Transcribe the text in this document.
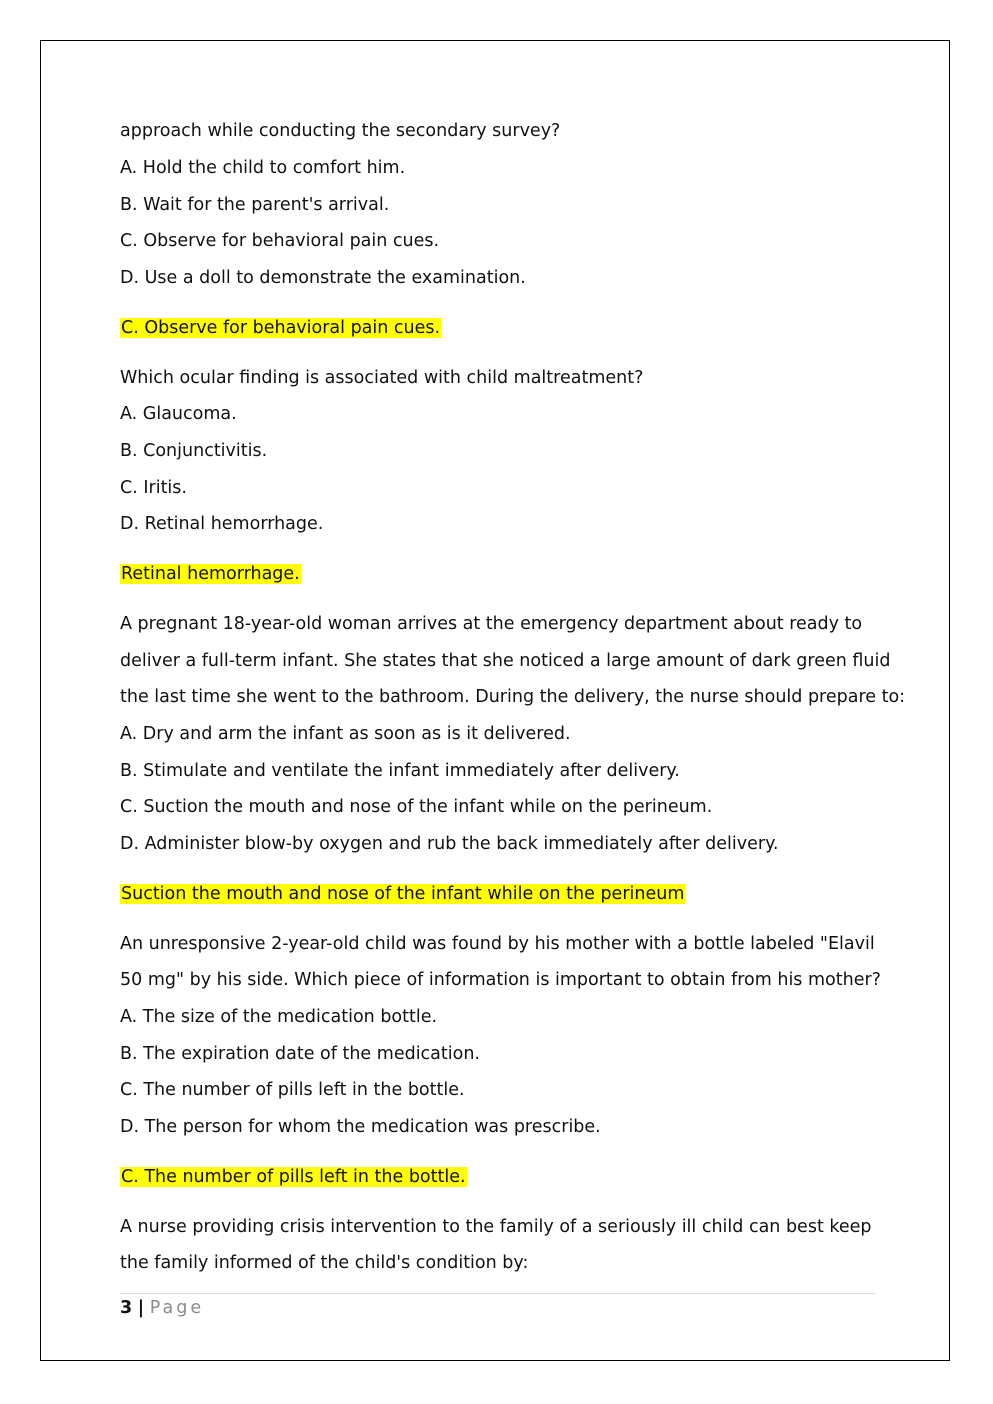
approach while conducting the secondary survey?
A. Hold the child to comfort him.
B. Wait for the parent's arrival.
C. Observe for behavioral pain cues.
D. Use a doll to demonstrate the examination.
C. Observe for behavioral pain cues.
Which ocular finding is associated with child maltreatment?
A. Glaucoma.
B. Conjunctivitis.
C. Iritis.
D. Retinal hemorrhage.
Retinal hemorrhage.
A pregnant 18-year-old woman arrives at the emergency department about ready to
deliver a full-term infant. She states that she noticed a large amount of dark green fluid
the last time she went to the bathroom. During the delivery, the nurse should prepare to:
A. Dry and arm the infant as soon as is it delivered.
B. Stimulate and ventilate the infant immediately after delivery.
C. Suction the mouth and nose of the infant while on the perineum.
D. Administer blow-by oxygen and rub the back immediately after delivery.
Suction the mouth and nose of the infant while on the perineum
An unresponsive 2-year-old child was found by his mother with a bottle labeled "Elavil
50 mg" by his side. Which piece of information is important to obtain from his mother?
A. The size of the medication bottle.
B. The expiration date of the medication.
C. The number of pills left in the bottle.
D. The person for whom the medication was prescribe.
C. The number of pills left in the bottle.
A nurse providing crisis intervention to the family of a seriously ill child can best keep
the family informed of the child's condition by:
3 | Page
